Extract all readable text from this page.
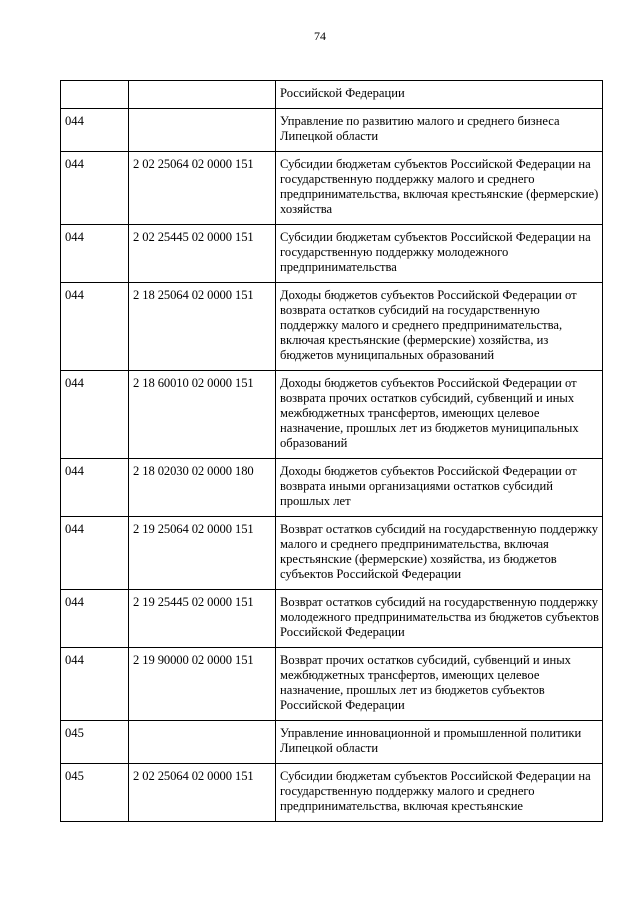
74
		Российской Федерации
044		Управление по развитию малого и среднего бизнеса Липецкой области
044	2 02 25064 02 0000 151	Субсидии бюджетам субъектов Российской Федерации на государственную поддержку малого и среднего предпринимательства, включая крестьянские (фермерские) хозяйства
044	2 02 25445 02 0000 151	Субсидии бюджетам субъектов Российской Федерации на государственную поддержку молодежного предпринимательства
044	2 18 25064 02 0000 151	Доходы бюджетов субъектов Российской Федерации от возврата остатков субсидий на государственную поддержку малого и среднего предпринимательства, включая крестьянские (фермерские) хозяйства, из бюджетов муниципальных образований
044	2 18 60010 02 0000 151	Доходы бюджетов субъектов Российской Федерации от возврата прочих остатков субсидий, субвенций и иных межбюджетных трансфертов, имеющих целевое назначение, прошлых лет из бюджетов муниципальных образований
044	2 18 02030 02 0000 180	Доходы бюджетов субъектов Российской Федерации от возврата иными организациями остатков субсидий прошлых лет
044	2 19 25064 02 0000 151	Возврат остатков субсидий на государственную поддержку малого и среднего предпринимательства, включая крестьянские (фермерские) хозяйства, из бюджетов субъектов Российской Федерации
044	2 19 25445 02 0000 151	Возврат остатков субсидий на государственную поддержку молодежного предпринимательства из бюджетов субъектов Российской Федерации
044	2 19 90000 02 0000 151	Возврат прочих остатков субсидий, субвенций и иных межбюджетных трансфертов, имеющих целевое назначение, прошлых лет из бюджетов субъектов Российской Федерации
045		Управление инновационной и промышленной политики Липецкой области
045	2 02 25064 02 0000 151	Субсидии бюджетам субъектов Российской Федерации на государственную поддержку малого и среднего предпринимательства, включая крестьянские
